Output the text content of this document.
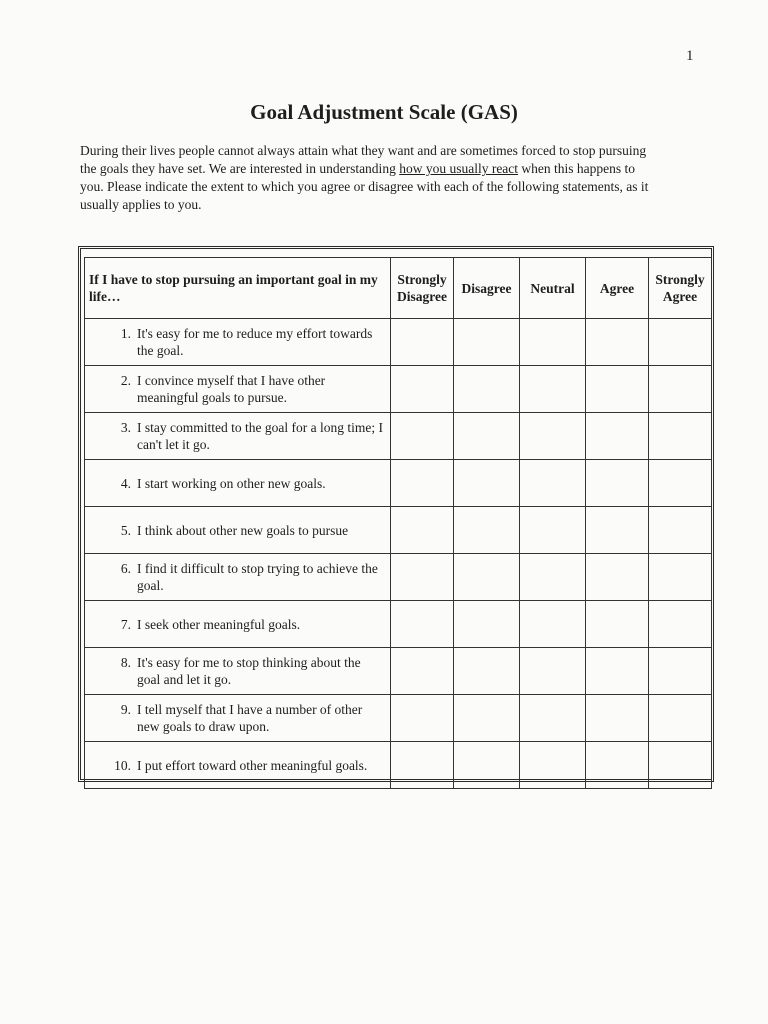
1
Goal Adjustment Scale (GAS)

During their lives people cannot always attain what they want and are sometimes forced to stop pursuing the goals they have set. We are interested in understanding how you usually react when this happens to you. Please indicate the extent to which you agree or disagree with each of the following statements, as it usually applies to you.

If I have to stop pursuing an important goal in my life…	Strongly Disagree	Disagree	Neutral	Agree	Strongly Agree

1. It's easy for me to reduce my effort towards the goal.					

2. I convince myself that I have other meaningful goals to pursue.					

3. I stay committed to the goal for a long time; I can't let it go.					

4. I start working on other new goals.					

5. I think about other new goals to pursue					

6. I find it difficult to stop trying to achieve the goal.					

7. I seek other meaningful goals.					

8. It's easy for me to stop thinking about the goal and let it go.					

9. I tell myself that I have a number of other new goals to draw upon.					

10. I put effort toward other meaningful goals.					
